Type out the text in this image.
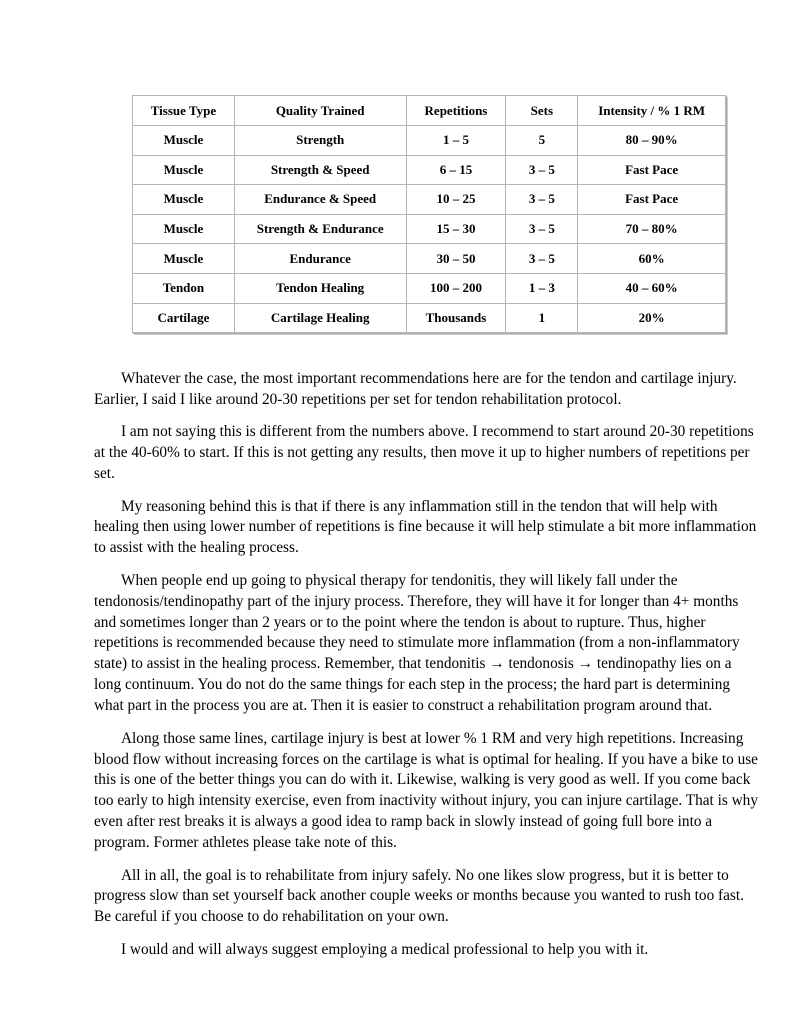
Tissue Type	Quality Trained	Repetitions	Sets	Intensity / % 1 RM
Muscle	Strength	1 – 5	5	80 – 90%
Muscle	Strength & Speed	6 – 15	3 – 5	Fast Pace
Muscle	Endurance & Speed	10 – 25	3 – 5	Fast Pace
Muscle	Strength & Endurance	15 – 30	3 – 5	70 – 80%
Muscle	Endurance	30 – 50	3 – 5	60%
Tendon	Tendon Healing	100 – 200	1 – 3	40 – 60%
Cartilage	Cartilage Healing	Thousands	1	20%

Whatever the case, the most important recommendations here are for the tendon and cartilage injury. Earlier, I said I like around 20-30 repetitions per set for tendon rehabilitation protocol.

I am not saying this is different from the numbers above. I recommend to start around 20-30 repetitions at the 40-60% to start. If this is not getting any results, then move it up to higher numbers of repetitions per set.

My reasoning behind this is that if there is any inflammation still in the tendon that will help with healing then using lower number of repetitions is fine because it will help stimulate a bit more inflammation to assist with the healing process.

When people end up going to physical therapy for tendonitis, they will likely fall under the tendonosis/tendinopathy part of the injury process. Therefore, they will have it for longer than 4+ months and sometimes longer than 2 years or to the point where the tendon is about to rupture. Thus, higher repetitions is recommended because they need to stimulate more inflammation (from a non-inflammatory state) to assist in the healing process. Remember, that tendonitis → tendonosis → tendinopathy lies on a long continuum. You do not do the same things for each step in the process; the hard part is determining what part in the process you are at. Then it is easier to construct a rehabilitation program around that.

Along those same lines, cartilage injury is best at lower % 1 RM and very high repetitions. Increasing blood flow without increasing forces on the cartilage is what is optimal for healing. If you have a bike to use this is one of the better things you can do with it. Likewise, walking is very good as well. If you come back too early to high intensity exercise, even from inactivity without injury, you can injure cartilage. That is why even after rest breaks it is always a good idea to ramp back in slowly instead of going full bore into a program. Former athletes please take note of this.

All in all, the goal is to rehabilitate from injury safely. No one likes slow progress, but it is better to progress slow than set yourself back another couple weeks or months because you wanted to rush too fast. Be careful if you choose to do rehabilitation on your own.

I would and will always suggest employing a medical professional to help you with it.
